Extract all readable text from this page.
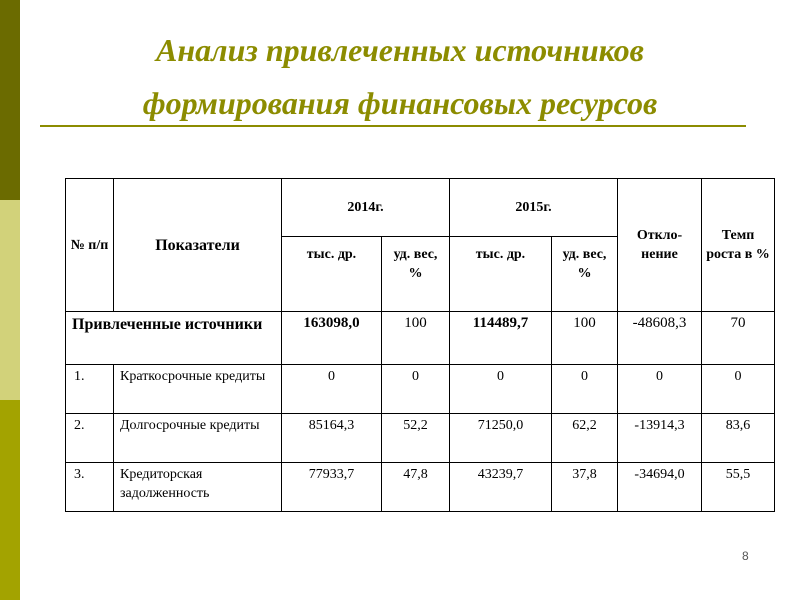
Анализ привлеченных источников
формирования финансовых ресурсов
№ п/п	Показатели	2014г.		2015г.		Откло-нение	Темп роста в %
		тыс. др.	уд. вес, %	тыс. др.	уд. вес, %		
Привлеченные источники		163098,0	100	114489,7	100	-48608,3	70
1.	Краткосрочные кредиты	0	0	0	0	0	0
2.	Долгосрочные кредиты	85164,3	52,2	71250,0	62,2	-13914,3	83,6
3.	Кредиторская задолженность	77933,7	47,8	43239,7	37,8	-34694,0	55,5
8
